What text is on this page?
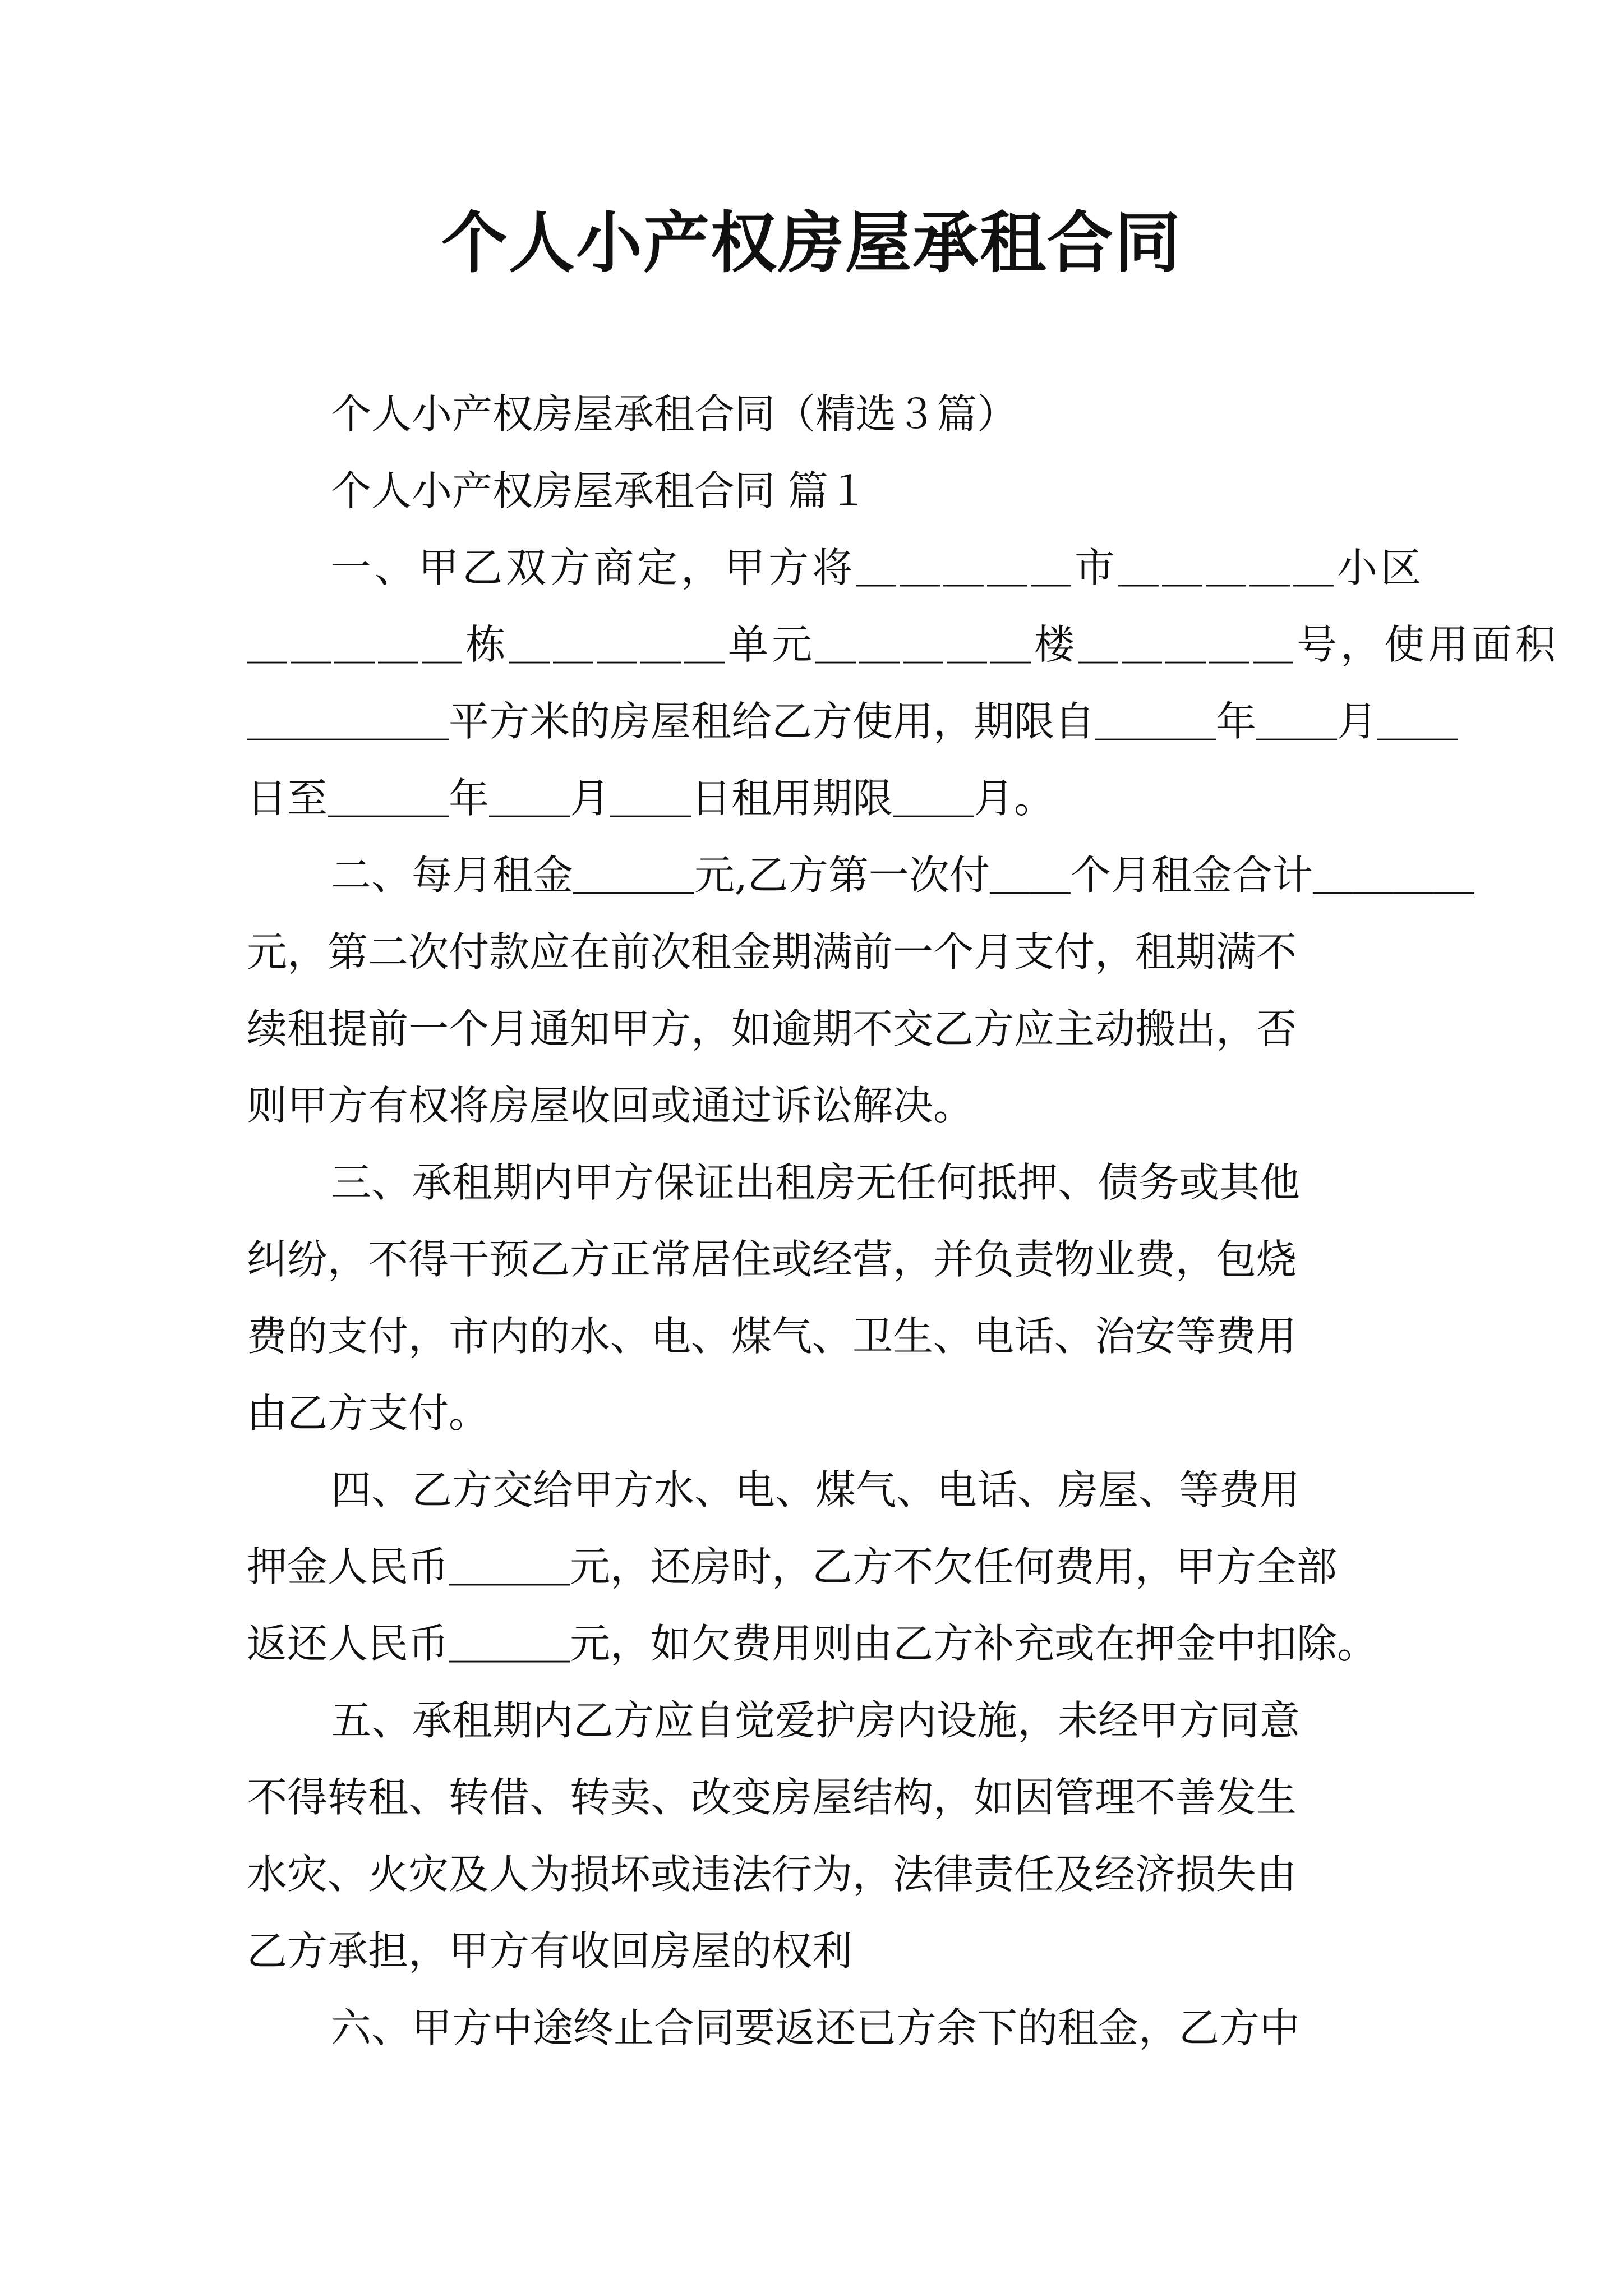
个人小产权房屋承租合同
个人小产权房屋承租合同（精选３篇）
个人小产权房屋承租合同 篇１
一、甲乙双方商定，甲方将＿＿＿＿＿市＿＿＿＿＿小区
＿＿＿＿＿栋＿＿＿＿＿单元＿＿＿＿＿楼＿＿＿＿＿号，使用面积
＿＿＿＿＿平方米的房屋租给乙方使用，期限自＿＿＿年＿＿月＿＿
日至＿＿＿年＿＿月＿＿日租用期限＿＿月。
二、每月租金＿＿＿元,乙方第一次付＿＿个月租金合计＿＿＿＿
元，第二次付款应在前次租金期满前一个月支付，租期满不
续租提前一个月通知甲方，如逾期不交乙方应主动搬出，否
则甲方有权将房屋收回或通过诉讼解决。
三、承租期内甲方保证出租房无任何抵押、债务或其他
纠纷，不得干预乙方正常居住或经营，并负责物业费，包烧
费的支付，市内的水、电、煤气、卫生、电话、治安等费用
由乙方支付。
四、乙方交给甲方水、电、煤气、电话、房屋、等费用
押金人民币＿＿＿元，还房时，乙方不欠任何费用，甲方全部
返还人民币＿＿＿元，如欠费用则由乙方补充或在押金中扣除。
五、承租期内乙方应自觉爱护房内设施，未经甲方同意
不得转租、转借、转卖、改变房屋结构，如因管理不善发生
水灾、火灾及人为损坏或违法行为，法律责任及经济损失由
乙方承担，甲方有收回房屋的权利
六、甲方中途终止合同要返还已方余下的租金，乙方中
